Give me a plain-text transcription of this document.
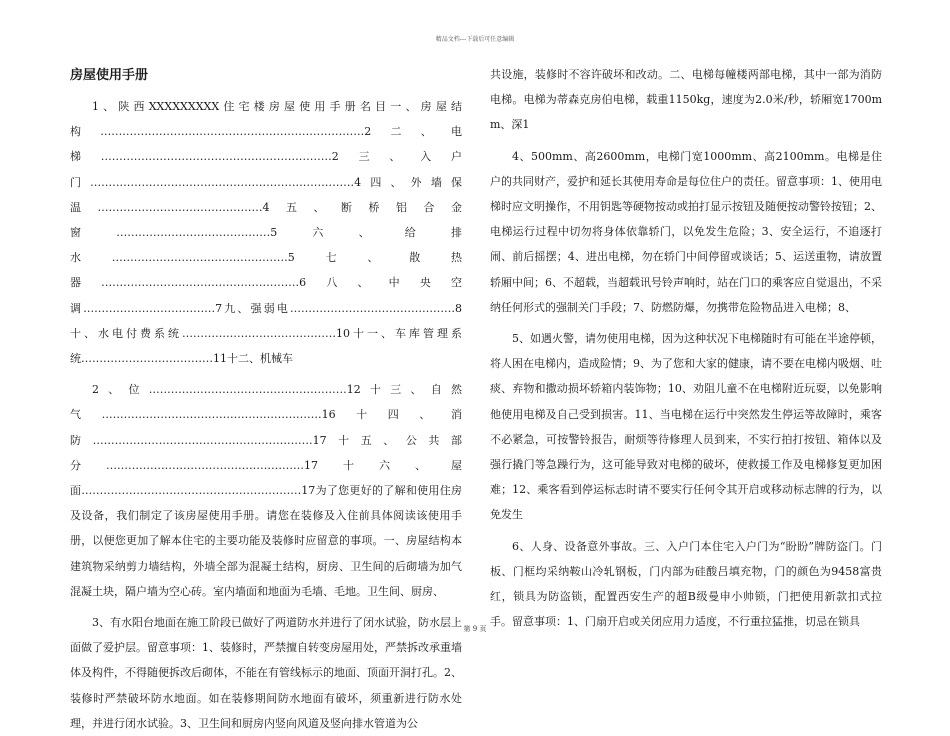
精品文档---下载后可任意编辑
房屋使用手册

1、陕西XXXXXXXXX住宅楼房屋使用手册名目一、房屋结构………………………………………………………………2二、电梯………………………………………………………2三、入户门………………………………………………………………4四、外墙保温………………………………………4五、断桥铝合金窗……………………………………5六、给排水…………………………………………5七、散热器………………………………………………6八、中央空调………………………………7九、强弱电………………………………………8十、水电付费系统……………………………………10十一、车库管理系统………………………………11十二、机械车

2、位………………………………………………12十三、自然气……………………………………………………16十四、消防……………………………………………………17十五、公共部分………………………………………………17十六、屋面……………………………………………………17为了您更好的了解和使用住房及设备，我们制定了该房屋使用手册。请您在装修及入住前具体阅读该使用手册，以便您更加了解本住宅的主要功能及装修时应留意的事项。一、房屋结构本建筑物采纳剪力墙结构，外墙全部为混凝土结构，厨房、卫生间的后砌墙为加气混凝土块，隔户墙为空心砖。室内墙面和地面为毛墙、毛地。卫生间、厨房、

3、有水阳台地面在施工阶段已做好了两道防水并进行了闭水试验，防水层上面做了爱护层。留意事项：1、装修时，严禁擅自转变房屋用处，严禁拆改承重墙体及构件，不得随便拆改后砌体，不能在有管线标示的地面、顶面开洞打孔。2、装修时严禁破坏防水地面。如在装修期间防水地面有破坏，须重新进行防水处理，并进行闭水试验。3、卫生间和厨房内竖向风道及竖向排水管道为公

共设施，装修时不容许破坏和改动。二、电梯每幢楼两部电梯，其中一部为消防电梯。电梯为蒂森克房伯电梯，载重1150kg，速度为2.0米/秒，轿厢宽1700mm、深1

4、500mm、高2600mm，电梯门宽1000mm、高2100mm。电梯是住户的共同财产，爱护和延长其使用寿命是每位住户的责任。留意事项：1、使用电梯时应文明操作，不用钥匙等硬物按动或拍打显示按钮及随便按动警铃按钮；2、电梯运行过程中切勿将身体依靠轿门，以免发生危险；3、安全运行，不追逐打闹、前后摇摆；4、进出电梯，勿在轿门中间停留或谈话；5、运送重物，请放置轿厢中间；6、不超载，当超载讯号铃声响时，站在门口的乘客应自觉退出，不采纳任何形式的强制关门手段；7、防燃防爆，勿携带危险物品进入电梯；8、

5、如遇火警，请勿使用电梯，因为这种状况下电梯随时有可能在半途停顿，将人困在电梯内，造成险情；9、为了您和大家的健康，请不要在电梯内吸烟、吐痰、弃物和撒动损坏轿箱内装饰物；10、劝阻儿童不在电梯附近玩耍，以免影响他使用电梯及自己受到损害。11、当电梯在运行中突然发生停运等故障时，乘客不必紧急，可按警铃报告，耐烦等待修理人员到来，不实行拍打按钮、箱体以及强行撬门等急躁行为，这可能导致对电梯的破坏，使救援工作及电梯修复更加困难；12、乘客看到停运标志时请不要实行任何令其开启或移动标志牌的行为，以免发生

6、人身、设备意外事故。三、入户门本住宅入户门为“盼盼”牌防盗门。门板、门框均采纳鞍山冷轧钢板，门内部为硅酸吕填充物，门的颜色为9458富贵红，锁具为防盗锁，配置西安生产的超B级曼申小帅锁，门把使用新款扣式拉手。留意事项：1、门扇开启或关闭应用力适度，不行重拉猛推，切忌在锁具

第 9 页
